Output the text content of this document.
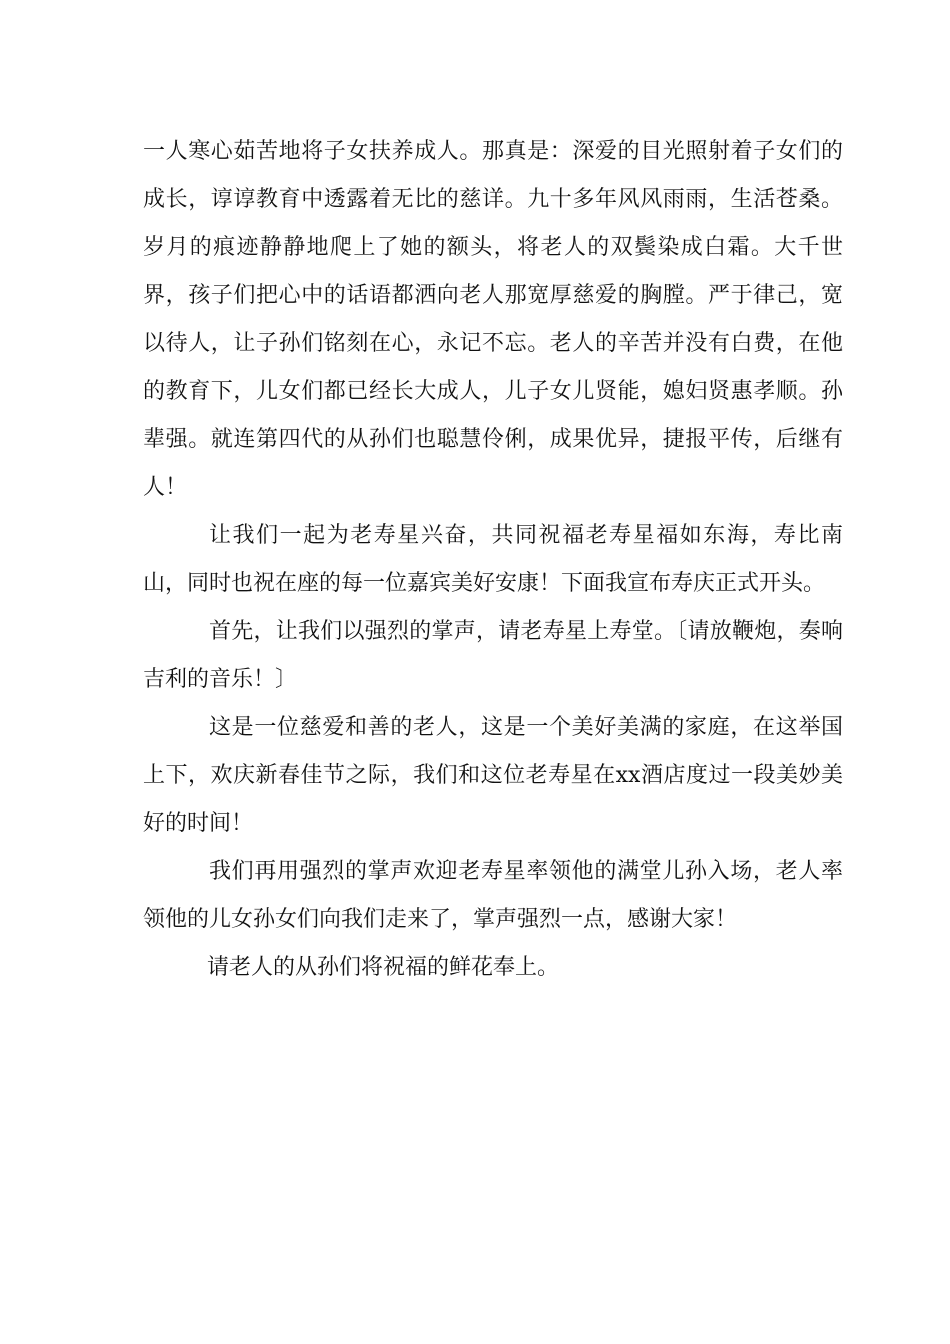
一人寒心茹苦地将子女扶养成人。那真是：深爱的目光照射着子女们的成长，谆谆教育中透露着无比的慈详。九十多年风风雨雨，生活苍桑。岁月的痕迹静静地爬上了她的额头，将老人的双鬓染成白霜。大千世界，孩子们把心中的话语都洒向老人那宽厚慈爱的胸膛。严于律己，宽以待人，让子孙们铭刻在心，永记不忘。老人的辛苦并没有白费，在他的教育下，儿女们都已经长大成人，儿子女儿贤能，媳妇贤惠孝顺。孙辈强。就连第四代的从孙们也聪慧伶俐，成果优异，捷报平传，后继有人！

让我们一起为老寿星兴奋，共同祝福老寿星福如东海，寿比南山，同时也祝在座的每一位嘉宾美好安康！下面我宣布寿庆正式开头。

首先，让我们以强烈的掌声，请老寿星上寿堂。〔请放鞭炮，奏响吉利的音乐！〕

这是一位慈爱和善的老人，这是一个美好美满的家庭，在这举国上下，欢庆新春佳节之际，我们和这位老寿星在xx酒店度过一段美妙美好的时间！

我们再用强烈的掌声欢迎老寿星率领他的满堂儿孙入场，老人率领他的儿女孙女们向我们走来了，掌声强烈一点，感谢大家！

请老人的从孙们将祝福的鲜花奉上。
